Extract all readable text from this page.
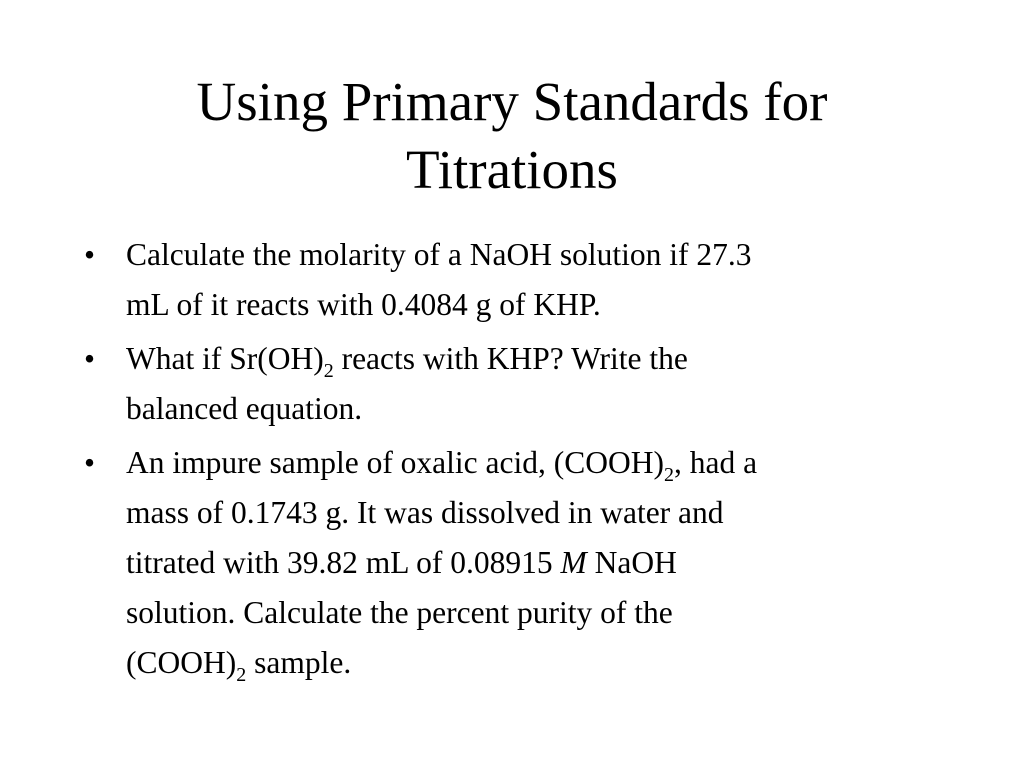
Using Primary Standards for
Titrations
• Calculate the molarity of a NaOH solution if 27.3
mL of it reacts with 0.4084 g of KHP.
• What if $Sr(OH)_2$ reacts with KHP? Write the
balanced equation.
• An impure sample of oxalic acid, $(COOH)_2$, had a
mass of 0.1743 g. It was dissolved in water and
titrated with 39.82 mL of 0.08915 M NaOH
solution. Calculate the percent purity of the
$(COOH)_2$ sample.
